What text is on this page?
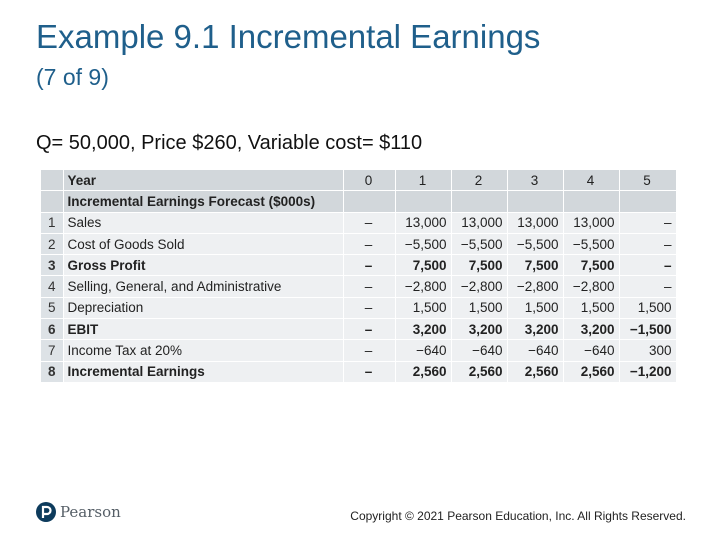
Example 9.1 Incremental Earnings
(7 of 9)
Q= 50,000, Price $260, Variable cost= $110
	Year	0	1	2	3	4	5
	Incremental Earnings Forecast ($000s)						
1	Sales	–	13,000	13,000	13,000	13,000	–
2	Cost of Goods Sold	–	−5,500	−5,500	−5,500	−5,500	–
3	Gross Profit	–	7,500	7,500	7,500	7,500	–
4	Selling, General, and Administrative	–	−2,800	−2,800	−2,800	−2,800	–
5	Depreciation	–	1,500	1,500	1,500	1,500	1,500
6	EBIT	–	3,200	3,200	3,200	3,200	−1,500
7	Income Tax at 20%	–	−640	−640	−640	−640	300
8	Incremental Earnings	–	2,560	2,560	2,560	2,560	−1,200
Pearson	Copyright © 2021 Pearson Education, Inc. All Rights Reserved.
